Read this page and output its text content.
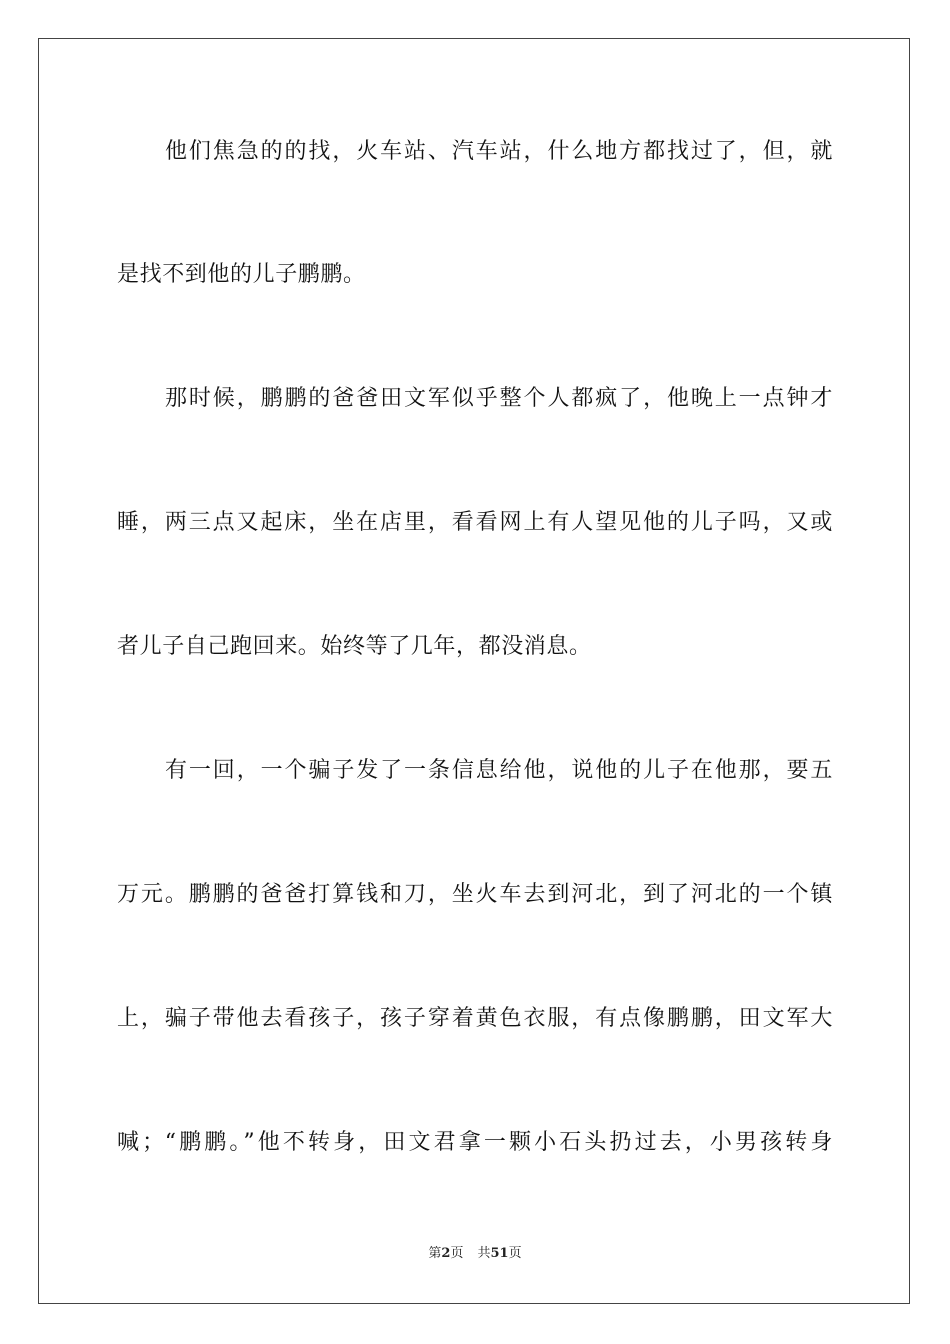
他们焦急的的找，火车站、汽车站，什么地方都找过了，但，就

是找不到他的儿子鹏鹏。

那时候，鹏鹏的爸爸田文军似乎整个人都疯了，他晚上一点钟才

睡，两三点又起床，坐在店里，看看网上有人望见他的儿子吗，又或

者儿子自己跑回来。始终等了几年，都没消息。

有一回，一个骗子发了一条信息给他，说他的儿子在他那，要五

万元。鹏鹏的爸爸打算钱和刀，坐火车去到河北，到了河北的一个镇

上，骗子带他去看孩子，孩子穿着黄色衣服，有点像鹏鹏，田文军大

喊；“鹏鹏。”他不转身，田文君拿一颗小石头扔过去，小男孩转身

第2页 共51页
